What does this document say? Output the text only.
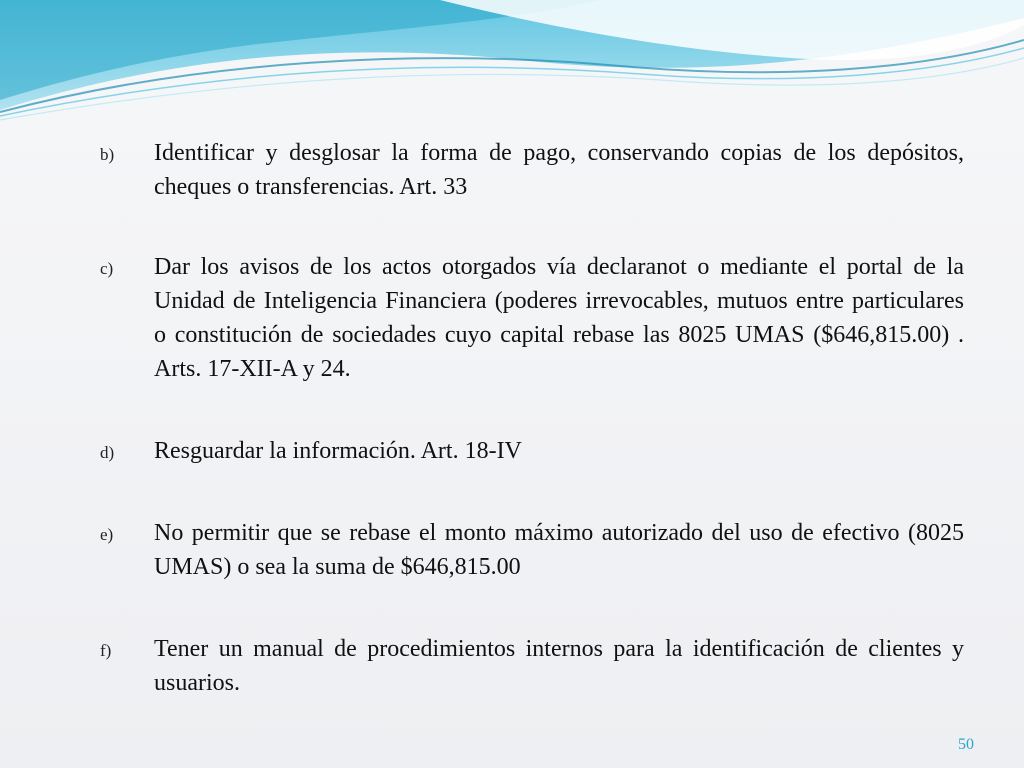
b)	Identificar y desglosar la forma de pago, conservando copias de los depósitos, cheques o transferencias. Art. 33
c)	Dar los avisos de los actos otorgados vía declaranot o mediante el portal de la Unidad de Inteligencia Financiera (poderes irrevocables, mutuos entre particulares o constitución de sociedades cuyo capital rebase las 8025 UMAS ($646,815.00) . Arts. 17-XII-A y 24.
d)	Resguardar la información. Art. 18-IV
e)	No permitir que se rebase el monto máximo autorizado del uso de efectivo (8025 UMAS) o sea la suma de $646,815.00
f)	Tener un manual de procedimientos internos para la identificación de clientes y usuarios.
50
